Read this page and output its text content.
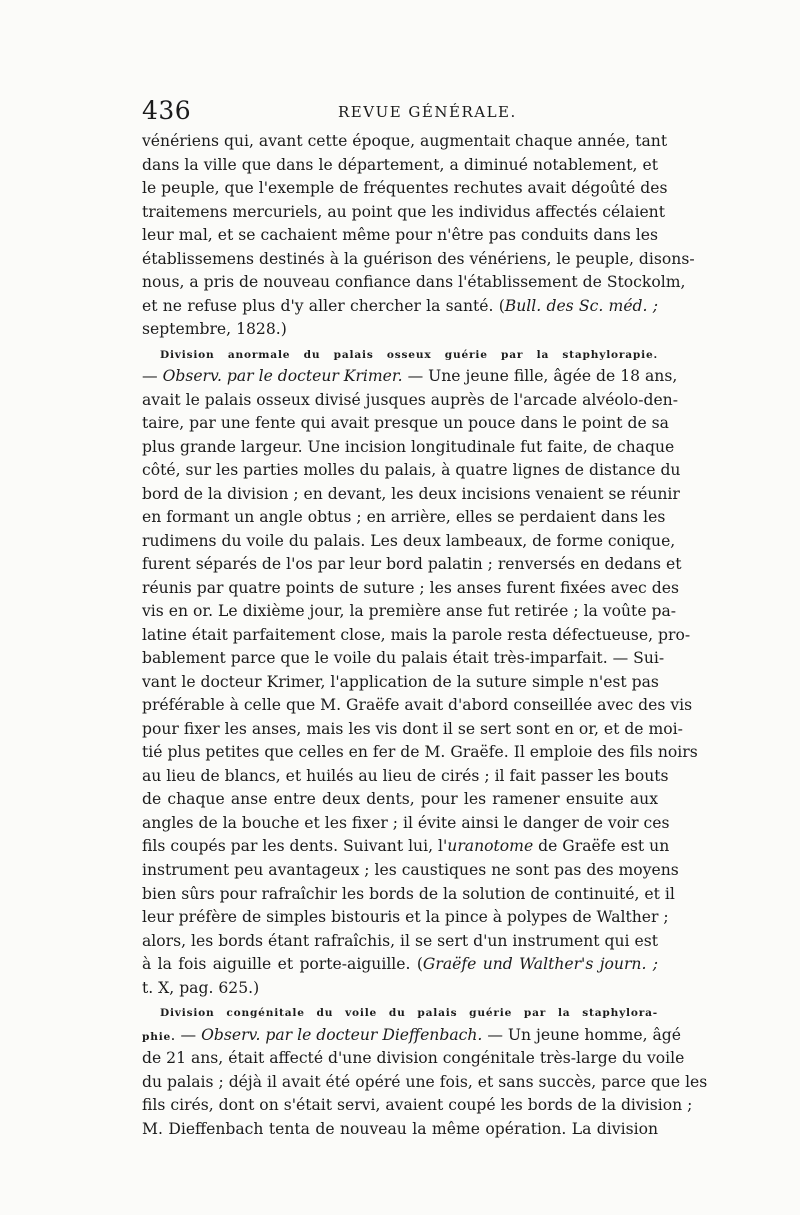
436	REVUE GÉNÉRALE.
vénériens qui, avant cette époque, augmentait chaque année, tant
dans la ville que dans le département, a diminué notablement, et
le peuple, que l'exemple de fréquentes rechutes avait dégoûté des
traitemens mercuriels, au point que les individus affectés célaient
leur mal, et se cachaient même pour n'être pas conduits dans les
établissemens destinés à la guérison des vénériens, le peuple, disons-
nous, a pris de nouveau confiance dans l'établissement de Stockolm,
et ne refuse plus d'y aller chercher la santé. (Bull. des Sc. méd. ;
septembre, 1828.)
Division anormale du palais osseux guérie par la staphylorapie.
— Observ. par le docteur Krimer. — Une jeune fille, âgée de 18 ans,
avait le palais osseux divisé jusques auprès de l'arcade alvéolo-den-
taire, par une fente qui avait presque un pouce dans le point de sa
plus grande largeur. Une incision longitudinale fut faite, de chaque
côté, sur les parties molles du palais, à quatre lignes de distance du
bord de la division ; en devant, les deux incisions venaient se réunir
en formant un angle obtus ; en arrière, elles se perdaient dans les
rudimens du voile du palais. Les deux lambeaux, de forme conique,
furent séparés de l'os par leur bord palatin ; renversés en dedans et
réunis par quatre points de suture ; les anses furent fixées avec des
vis en or. Le dixième jour, la première anse fut retirée ; la voûte pa-
latine était parfaitement close, mais la parole resta défectueuse, pro-
bablement parce que le voile du palais était très-imparfait. — Sui-
vant le docteur Krimer, l'application de la suture simple n'est pas
préférable à celle que M. Graëfe avait d'abord conseillée avec des vis
pour fixer les anses, mais les vis dont il se sert sont en or, et de moi-
tié plus petites que celles en fer de M. Graëfe. Il emploie des fils noirs
au lieu de blancs, et huilés au lieu de cirés ; il fait passer les bouts
de chaque anse entre deux dents, pour les ramener ensuite aux
angles de la bouche et les fixer ; il évite ainsi le danger de voir ces
fils coupés par les dents. Suivant lui, l'uranotome de Graëfe est un
instrument peu avantageux ; les caustiques ne sont pas des moyens
bien sûrs pour rafraîchir les bords de la solution de continuité, et il
leur préfère de simples bistouris et la pince à polypes de Walther ;
alors, les bords étant rafraîchis, il se sert d'un instrument qui est
à la fois aiguille et porte-aiguille. (Graëfe und Walther's journ. ;
t. X, pag. 625.)
Division congénitale du voile du palais guérie par la staphylora-
phie. — Observ. par le docteur Dieffenbach. — Un jeune homme, âgé
de 21 ans, était affecté d'une division congénitale très-large du voile
du palais ; déjà il avait été opéré une fois, et sans succès, parce que les
fils cirés, dont on s'était servi, avaient coupé les bords de la division ;
M. Dieffenbach tenta de nouveau la même opération. La division
